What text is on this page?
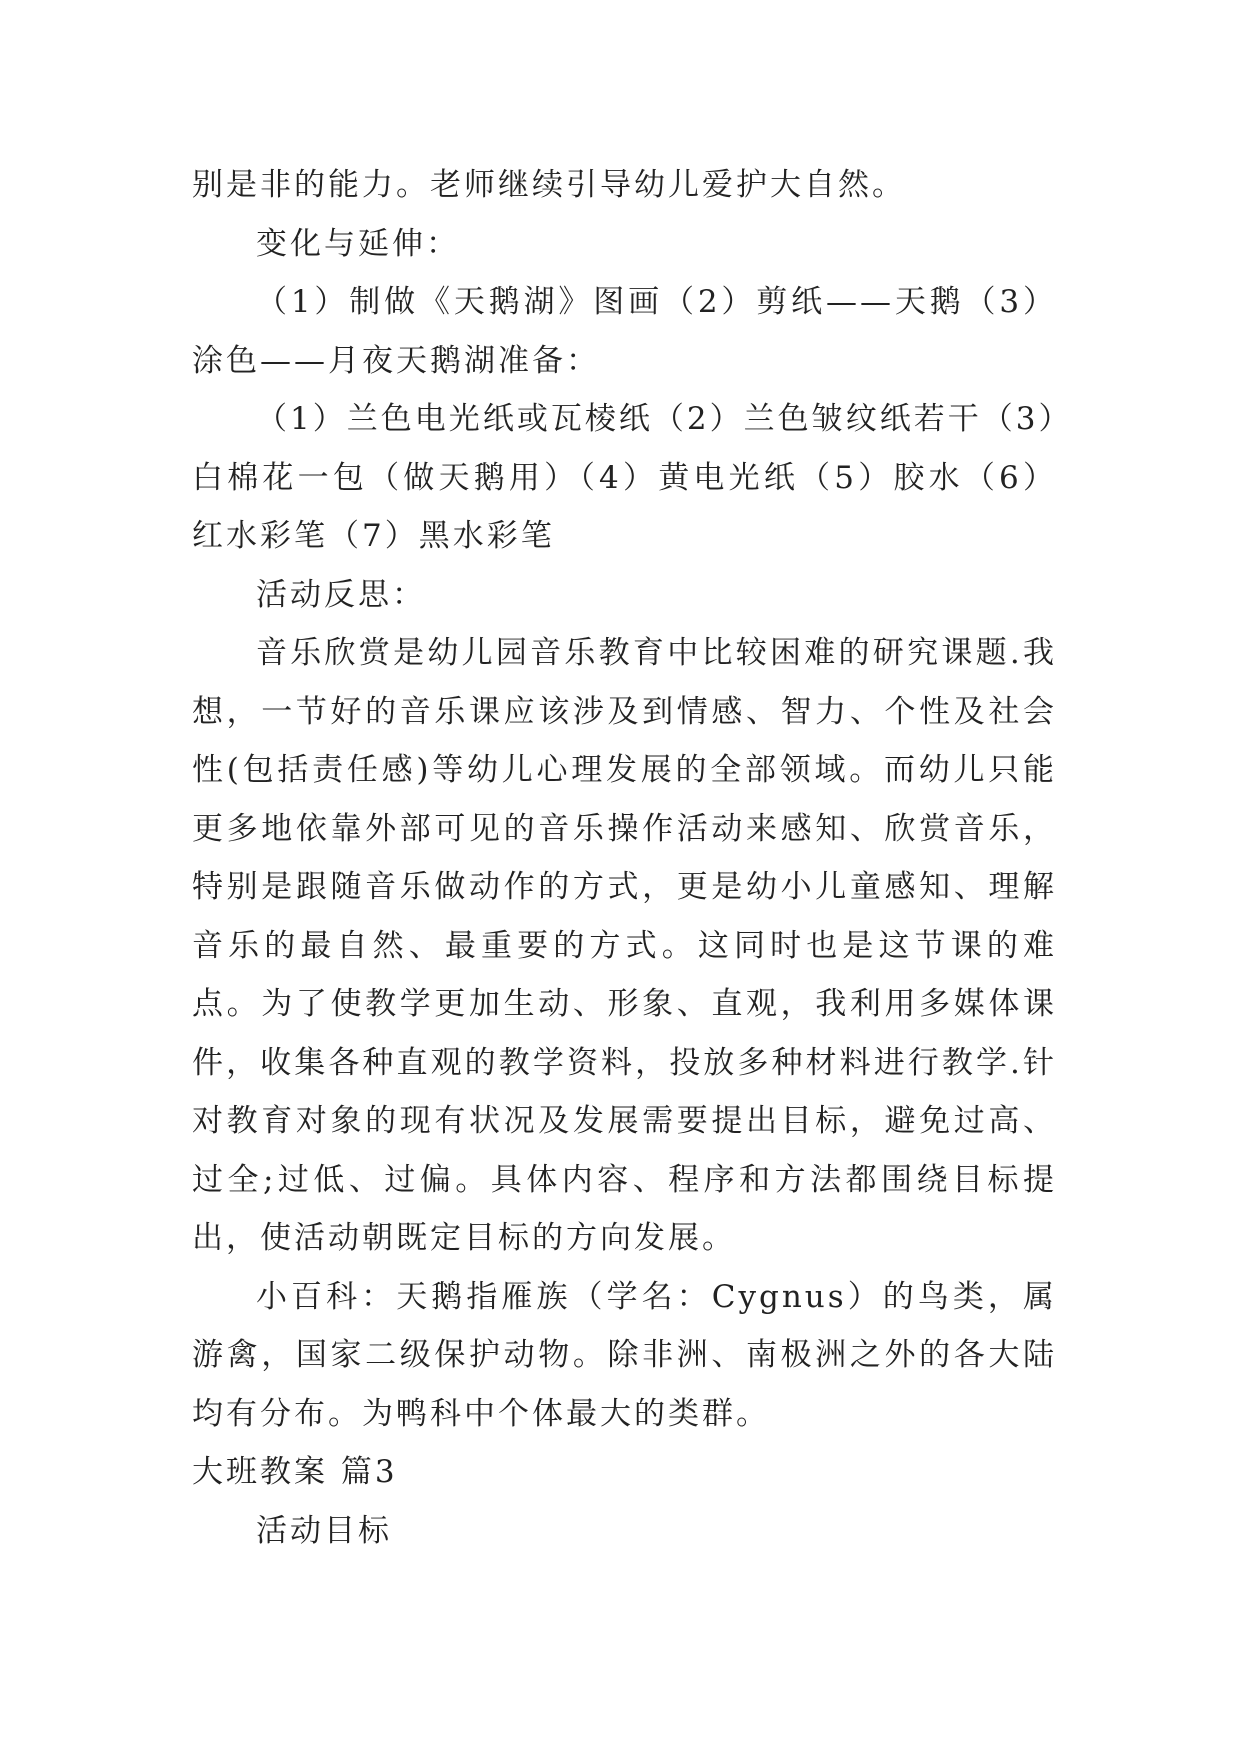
别是非的能力。老师继续引导幼儿爱护大自然。

变化与延伸：

（1）制做《天鹅湖》图画（2）剪纸——天鹅（3）涂色——月夜天鹅湖准备：

（1）兰色电光纸或瓦棱纸（2）兰色皱纹纸若干（3）白棉花一包（做天鹅用）（4）黄电光纸（5）胶水（6）红水彩笔（7）黑水彩笔

活动反思：

音乐欣赏是幼儿园音乐教育中比较困难的研究课题.我想，一节好的音乐课应该涉及到情感、智力、个性及社会性(包括责任感)等幼儿心理发展的全部领域。而幼儿只能更多地依靠外部可见的音乐操作活动来感知、欣赏音乐，特别是跟随音乐做动作的方式，更是幼小儿童感知、理解音乐的最自然、最重要的方式。这同时也是这节课的难点。为了使教学更加生动、形象、直观，我利用多媒体课件，收集各种直观的教学资料，投放多种材料进行教学.针对教育对象的现有状况及发展需要提出目标，避免过高、过全;过低、过偏。具体内容、程序和方法都围绕目标提出，使活动朝既定目标的方向发展。

小百科：天鹅指雁族（学名：Cygnus）的鸟类，属游禽，国家二级保护动物。除非洲、南极洲之外的各大陆均有分布。为鸭科中个体最大的类群。

大班教案 篇3

活动目标
